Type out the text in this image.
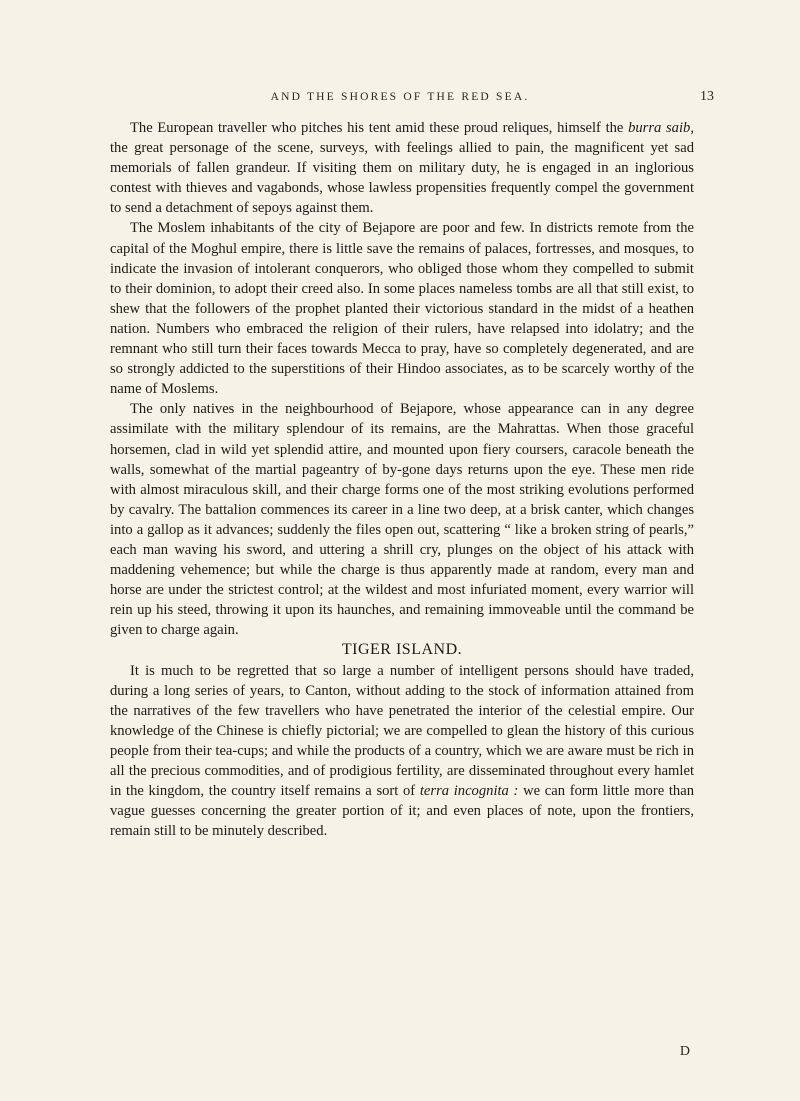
AND THE SHORES OF THE RED SEA.	13

The European traveller who pitches his tent amid these proud reliques, himself the burra saib, the great personage of the scene, surveys, with feelings allied to pain, the magnificent yet sad memorials of fallen grandeur. If visiting them on military duty, he is engaged in an inglorious contest with thieves and vagabonds, whose lawless propensities frequently compel the government to send a detachment of sepoys against them.

The Moslem inhabitants of the city of Bejapore are poor and few. In districts remote from the capital of the Moghul empire, there is little save the remains of palaces, fortresses, and mosques, to indicate the invasion of intolerant conquerors, who obliged those whom they compelled to submit to their dominion, to adopt their creed also. In some places nameless tombs are all that still exist, to shew that the followers of the prophet planted their victorious standard in the midst of a heathen nation. Numbers who embraced the religion of their rulers, have relapsed into idolatry; and the remnant who still turn their faces towards Mecca to pray, have so completely degenerated, and are so strongly addicted to the superstitions of their Hindoo associates, as to be scarcely worthy of the name of Moslems.

The only natives in the neighbourhood of Bejapore, whose appearance can in any degree assimilate with the military splendour of its remains, are the Mahrattas. When those graceful horsemen, clad in wild yet splendid attire, and mounted upon fiery coursers, caracole beneath the walls, somewhat of the martial pageantry of by-gone days returns upon the eye. These men ride with almost miraculous skill, and their charge forms one of the most striking evolutions performed by cavalry. The battalion commences its career in a line two deep, at a brisk canter, which changes into a gallop as it advances; suddenly the files open out, scattering “ like a broken string of pearls,” each man waving his sword, and uttering a shrill cry, plunges on the object of his attack with maddening vehemence; but while the charge is thus apparently made at random, every man and horse are under the strictest control; at the wildest and most infuriated moment, every warrior will rein up his steed, throwing it upon its haunches, and remaining immoveable until the command be given to charge again.

TIGER ISLAND.

It is much to be regretted that so large a number of intelligent persons should have traded, during a long series of years, to Canton, without adding to the stock of information attained from the narratives of the few travellers who have penetrated the interior of the celestial empire. Our knowledge of the Chinese is chiefly pictorial; we are compelled to glean the history of this curious people from their tea-cups; and while the products of a country, which we are aware must be rich in all the precious commodities, and of prodigious fertility, are disseminated throughout every hamlet in the kingdom, the country itself remains a sort of terra incognita : we can form little more than vague guesses concerning the greater portion of it; and even places of note, upon the frontiers, remain still to be minutely described.

D
